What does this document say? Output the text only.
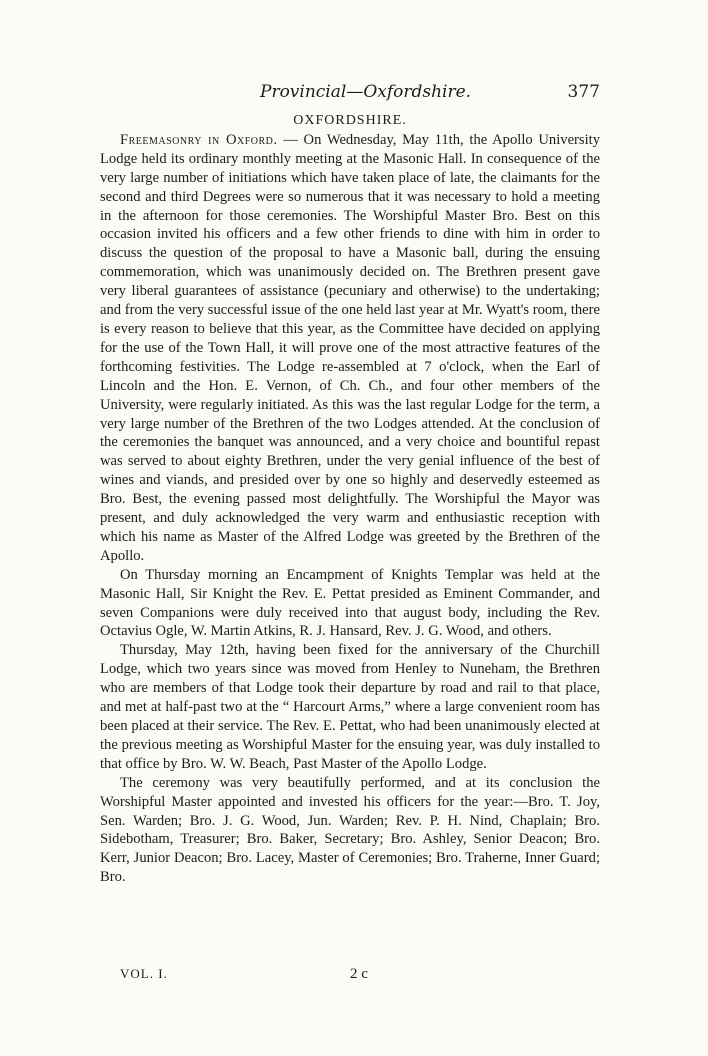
Provincial—Oxfordshire.	377
OXFORDSHIRE.

Freemasonry in Oxford. — On Wednesday, May 11th, the Apollo University Lodge held its ordinary monthly meeting at the Masonic Hall. In consequence of the very large number of initiations which have taken place of late, the claimants for the second and third Degrees were so numerous that it was necessary to hold a meeting in the afternoon for those ceremonies. The Worshipful Master Bro. Best on this occasion invited his officers and a few other friends to dine with him in order to discuss the question of the proposal to have a Masonic ball, during the ensuing commemoration, which was unanimously decided on. The Brethren present gave very liberal guarantees of assistance (pecuniary and otherwise) to the undertaking; and from the very successful issue of the one held last year at Mr. Wyatt's room, there is every reason to believe that this year, as the Committee have decided on applying for the use of the Town Hall, it will prove one of the most attractive features of the forthcoming festivities. The Lodge re-assembled at 7 o'clock, when the Earl of Lincoln and the Hon. E. Vernon, of Ch. Ch., and four other members of the University, were regularly initiated. As this was the last regular Lodge for the term, a very large number of the Brethren of the two Lodges attended. At the conclusion of the ceremonies the banquet was announced, and a very choice and bountiful repast was served to about eighty Brethren, under the very genial influence of the best of wines and viands, and presided over by one so highly and deservedly esteemed as Bro. Best, the evening passed most delightfully. The Worshipful the Mayor was present, and duly acknowledged the very warm and enthusiastic reception with which his name as Master of the Alfred Lodge was greeted by the Brethren of the Apollo.

On Thursday morning an Encampment of Knights Templar was held at the Masonic Hall, Sir Knight the Rev. E. Pettat presided as Eminent Commander, and seven Companions were duly received into that august body, including the Rev. Octavius Ogle, W. Martin Atkins, R. J. Hansard, Rev. J. G. Wood, and others.

Thursday, May 12th, having been fixed for the anniversary of the Churchill Lodge, which two years since was moved from Henley to Nuneham, the Brethren who are members of that Lodge took their departure by road and rail to that place, and met at half-past two at the “ Harcourt Arms,” where a large convenient room has been placed at their service. The Rev. E. Pettat, who had been unanimously elected at the previous meeting as Worshipful Master for the ensuing year, was duly installed to that office by Bro. W. W. Beach, Past Master of the Apollo Lodge.

The ceremony was very beautifully performed, and at its conclusion the Worshipful Master appointed and invested his officers for the year:—Bro. T. Joy, Sen. Warden; Bro. J. G. Wood, Jun. Warden; Rev. P. H. Nind, Chaplain; Bro. Sidebotham, Treasurer; Bro. Baker, Secretary; Bro. Ashley, Senior Deacon; Bro. Kerr, Junior Deacon; Bro. Lacey, Master of Ceremonies; Bro. Traherne, Inner Guard; Bro.

VOL. I.	2 c
